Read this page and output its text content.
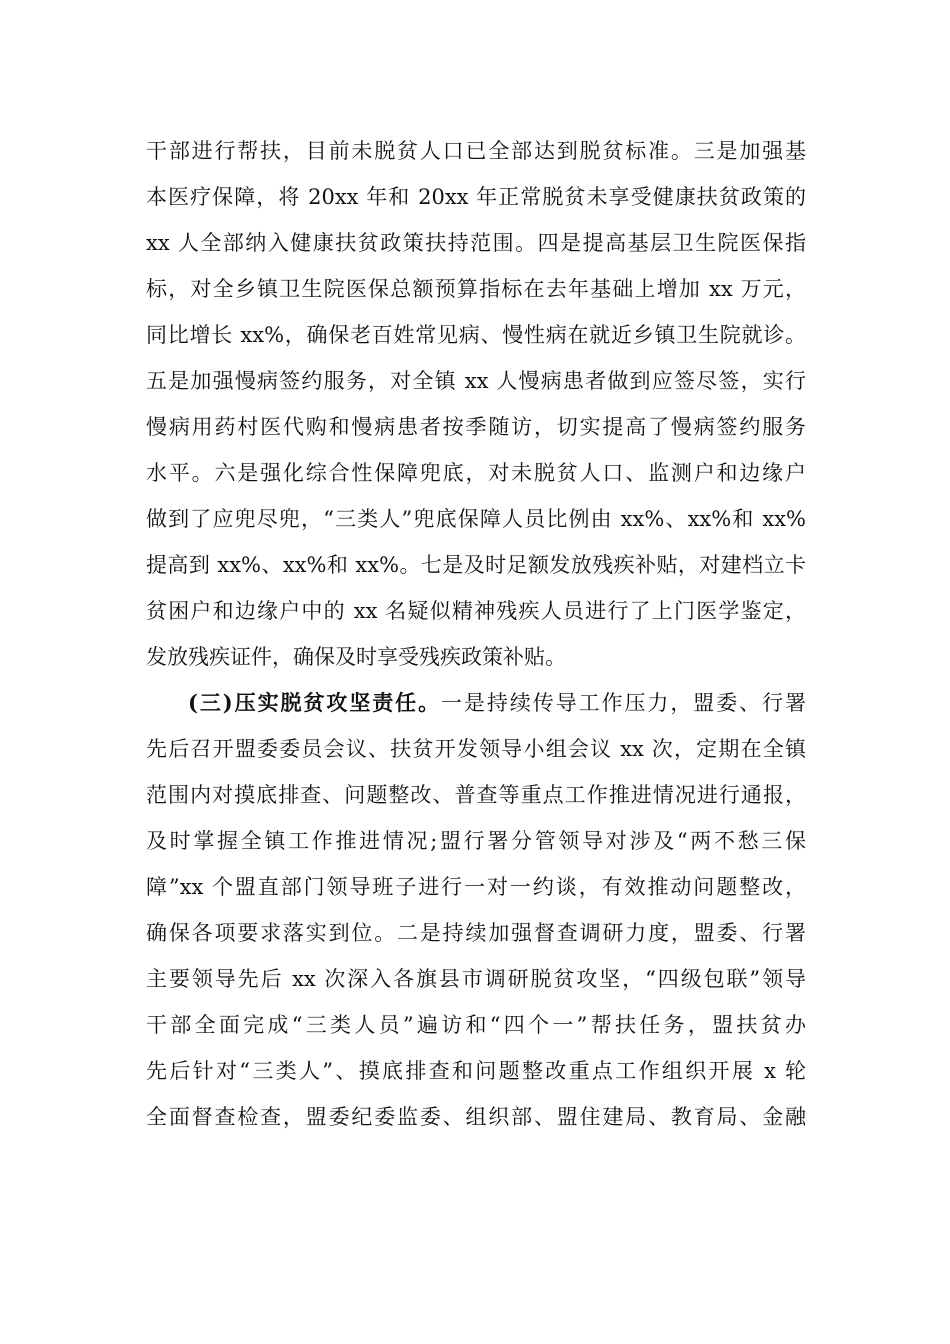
干部进行帮扶，目前未脱贫人口已全部达到脱贫标准。三是加强基
本医疗保障，将 20xx 年和 20xx 年正常脱贫未享受健康扶贫政策的
xx 人全部纳入健康扶贫政策扶持范围。四是提高基层卫生院医保指
标，对全乡镇卫生院医保总额预算指标在去年基础上增加 xx 万元，
同比增长 xx%，确保老百姓常见病、慢性病在就近乡镇卫生院就诊。
五是加强慢病签约服务，对全镇 xx 人慢病患者做到应签尽签，实行
慢病用药村医代购和慢病患者按季随访，切实提高了慢病签约服务
水平。六是强化综合性保障兜底，对未脱贫人口、监测户和边缘户
做到了应兜尽兜，“三类人”兜底保障人员比例由 xx%、xx%和 xx%
提高到 xx%、xx%和 xx%。七是及时足额发放残疾补贴，对建档立卡
贫困户和边缘户中的 xx 名疑似精神残疾人员进行了上门医学鉴定，
发放残疾证件，确保及时享受残疾政策补贴。
(三)压实脱贫攻坚责任。一是持续传导工作压力，盟委、行署
先后召开盟委委员会议、扶贫开发领导小组会议 xx 次，定期在全镇
范围内对摸底排查、问题整改、普查等重点工作推进情况进行通报，
及时掌握全镇工作推进情况;盟行署分管领导对涉及“两不愁三保
障”xx 个盟直部门领导班子进行一对一约谈，有效推动问题整改，
确保各项要求落实到位。二是持续加强督查调研力度，盟委、行署
主要领导先后 xx 次深入各旗县市调研脱贫攻坚，“四级包联”领导
干部全面完成“三类人员”遍访和“四个一”帮扶任务，盟扶贫办
先后针对“三类人”、摸底排查和问题整改重点工作组织开展 x 轮
全面督查检查，盟委纪委监委、组织部、盟住建局、教育局、金融
